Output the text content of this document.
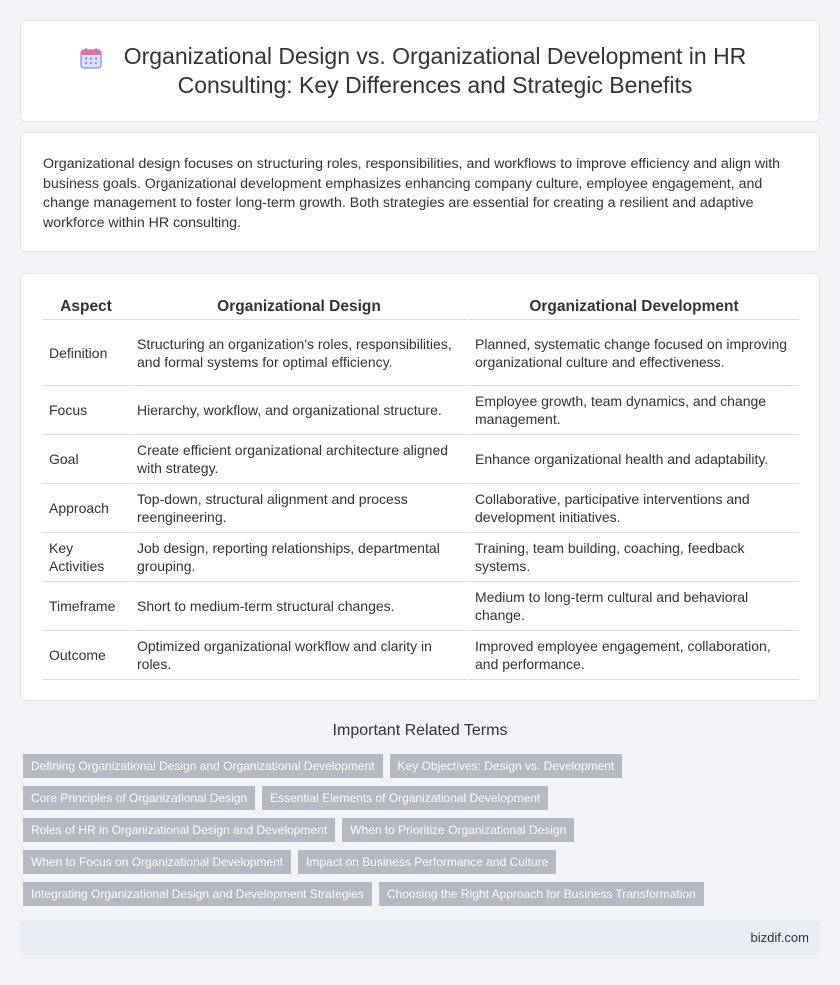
Organizational Design vs. Organizational Development in HR Consulting: Key Differences and Strategic Benefits

Organizational design focuses on structuring roles, responsibilities, and workflows to improve efficiency and align with business goals. Organizational development emphasizes enhancing company culture, employee engagement, and change management to foster long-term growth. Both strategies are essential for creating a resilient and adaptive workforce within HR consulting.

Aspect	Organizational Design	Organizational Development
Definition	Structuring an organization's roles, responsibilities, and formal systems for optimal efficiency.	Planned, systematic change focused on improving organizational culture and effectiveness.
Focus	Hierarchy, workflow, and organizational structure.	Employee growth, team dynamics, and change management.
Goal	Create efficient organizational architecture aligned with strategy.	Enhance organizational health and adaptability.
Approach	Top-down, structural alignment and process reengineering.	Collaborative, participative interventions and development initiatives.
Key Activities	Job design, reporting relationships, departmental grouping.	Training, team building, coaching, feedback systems.
Timeframe	Short to medium-term structural changes.	Medium to long-term cultural and behavioral change.
Outcome	Optimized organizational workflow and clarity in roles.	Improved employee engagement, collaboration, and performance.
Important Related Terms
Defining Organizational Design and Organizational Development	Key Objectives: Design vs. Development
Core Principles of Organizational Design	Essential Elements of Organizational Development
Roles of HR in Organizational Design and Development	When to Prioritize Organizational Design
When to Focus on Organizational Development	Impact on Business Performance and Culture
Integrating Organizational Design and Development Strategies	Choosing the Right Approach for Business Transformation
bizdif.com
